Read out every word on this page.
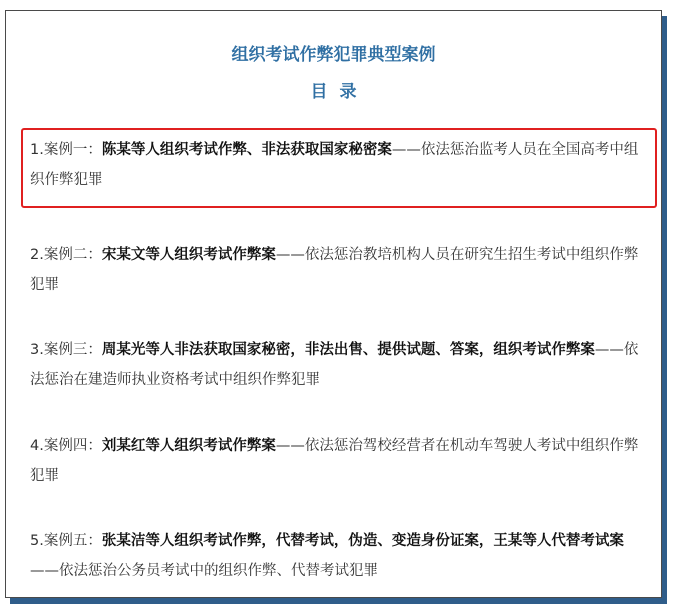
组织考试作弊犯罪典型案例
目录
1.案例一：陈某等人组织考试作弊、非法获取国家秘密案——依法惩治监考人员在全国高考中组织作弊犯罪
2.案例二：宋某文等人组织考试作弊案——依法惩治教培机构人员在研究生招生考试中组织作弊犯罪
3.案例三：周某光等人非法获取国家秘密，非法出售、提供试题、答案，组织考试作弊案——依法惩治在建造师执业资格考试中组织作弊犯罪
4.案例四：刘某红等人组织考试作弊案——依法惩治驾校经营者在机动车驾驶人考试中组织作弊犯罪
5.案例五：张某洁等人组织考试作弊，代替考试，伪造、变造身份证案，王某等人代替考试案——依法惩治公务员考试中的组织作弊、代替考试犯罪
